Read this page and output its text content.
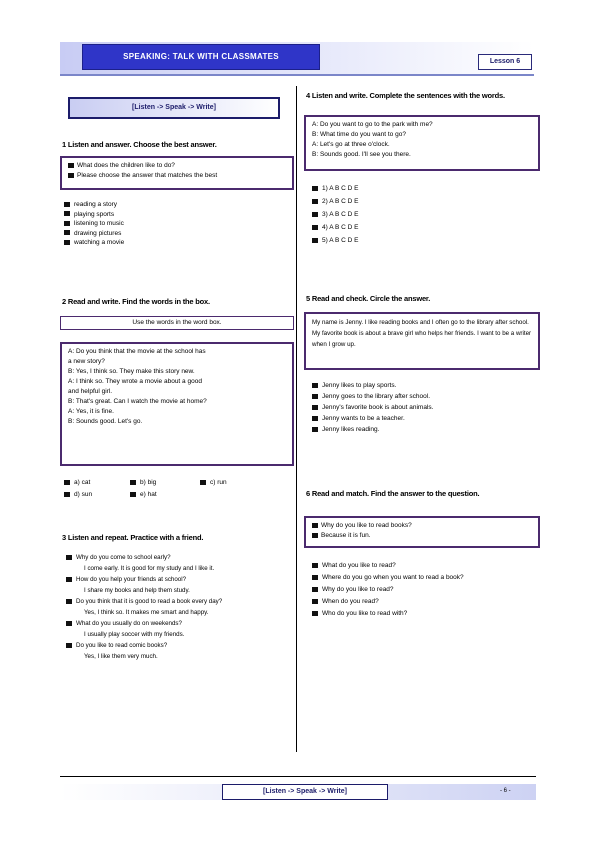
SPEAKING: TALK WITH CLASSMATES
Lesson 6
[Listen -> Speak -> Write]
1 Listen and answer. Choose the best answer.
What does the children like to do?
Please choose the answer that matches the best
reading a story
playing sports
listening to music
drawing pictures
watching a movie
2 Read and write. Find the words in the box.
Use the words in the word box.
A: Do you think that the movie at the school has
a new story?
B: Yes, I think so. They make this story new.
A: I think so. They wrote a movie about a good
and helpful girl.
B: That's great. Can I watch the movie at home?
A: Yes, it is fine.
B: Sounds good. Let's go.
a) cat	b) big	c) run
d) sun	e) hat
3 Listen and repeat. Practice with a friend.
Why do you come to school early?
I come early. It is good for my study and I like it.
How do you help your friends at school?
I share my books and help them study.
Do you think that it is good to read a book every day?
Yes, I think so. It makes me smart and happy.
What do you usually do on weekends?
I usually play soccer with my friends.
Do you like to read comic books?
Yes, I like them very much.
4 Listen and write. Complete the sentences with the words.
A: Do you want to go to the park with me?
B: What time do you want to go?
A: Let's go at three o'clock.
B: Sounds good. I'll see you there.
1) A B C D E
2) A B C D E
3) A B C D E
4) A B C D E
5) A B C D E
5 Read and check. Circle the answer.
My name is Jenny. I like reading books and I often go to the library after school. My favorite book is about a brave girl who helps her friends. I want to be a writer when I grow up.
Jenny likes to play sports.
Jenny goes to the library after school.
Jenny's favorite book is about animals.
Jenny wants to be a teacher.
Jenny likes reading.
6 Read and match. Find the answer to the question.
Why do you like to read books?
Because it is fun.
What do you like to read?
Where do you go when you want to read a book?
Why do you like to read?
When do you read?
Who do you like to read with?
[Listen -> Speak -> Write]	- 6 -
